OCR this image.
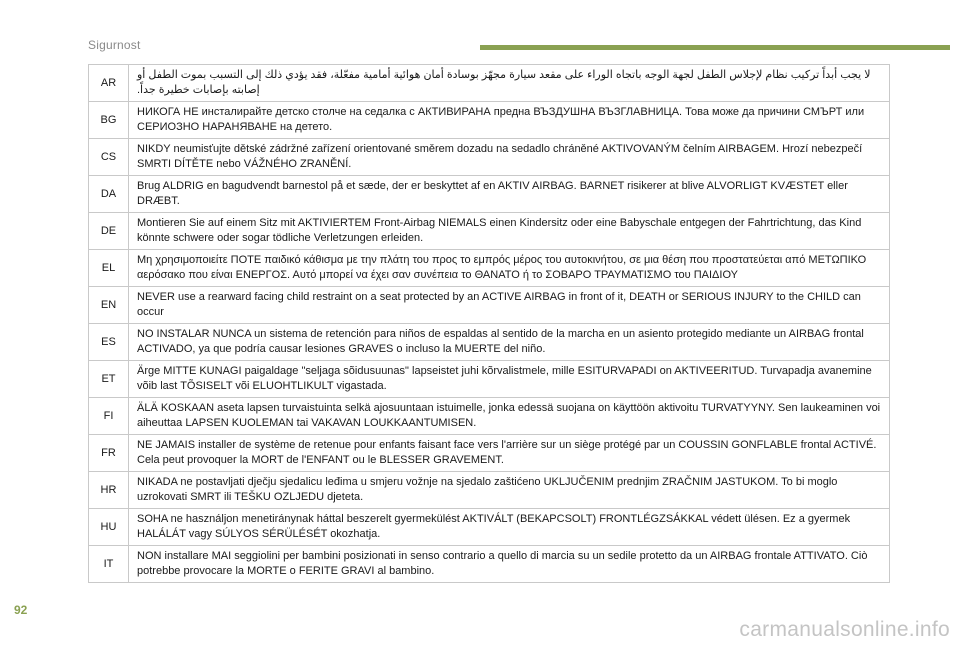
Sigurnost
AR	لا يجب أبداً تركيب نظام لإجلاس الطفل لجهة الوجه باتجاه الوراء على مقعد سيارة مجهّز بوسادة أمان هوائية أمامية مفعّلة، فقد يؤدي ذلك إلى التسبب بموت الطفل أو إصابته بإصابات خطيرة جداً.
BG	НИКОГА НЕ инсталирайте детско столче на седалка с АКТИВИРАНА предна ВЪЗДУШНА ВЪЗГЛАВНИЦА. Това може да причини СМЪРТ или СЕРИОЗНО НАРАНЯВАНЕ на детето.
CS	NIKDY neumisťujte dětské zádržné zařízení orientované směrem dozadu na sedadlo chráněné AKTIVOVANÝM čelním AIRBAGEM. Hrozí nebezpečí SMRTI DÍTĚTE nebo VÁŽNÉHO ZRANĚNÍ.
DA	Brug ALDRIG en bagudvendt barnestol på et sæde, der er beskyttet af en AKTIV AIRBAG. BARNET risikerer at blive ALVORLIGT KVÆSTET eller DRÆBT.
DE	Montieren Sie auf einem Sitz mit AKTIVIERTEM Front-Airbag NIEMALS einen Kindersitz oder eine Babyschale entgegen der Fahrtrichtung, das Kind könnte schwere oder sogar tödliche Verletzungen erleiden.
EL	Μη χρησιμοποιείτε ΠΟΤΕ παιδικό κάθισμα με την πλάτη του προς το εμπρός μέρος του αυτοκινήτου, σε μια θέση που προστατεύεται από ΜΕΤΩΠΙΚΟ αερόσακο που είναι ΕΝΕΡΓΟΣ. Αυτό μπορεί να έχει σαν συνέπεια το ΘΑΝΑΤΟ ή το ΣΟΒΑΡΟ ΤΡΑΥΜΑΤΙΣΜΟ του ΠΑΙΔΙΟΥ
EN	NEVER use a rearward facing child restraint on a seat protected by an ACTIVE AIRBAG in front of it, DEATH or SERIOUS INJURY to the CHILD can occur
ES	NO INSTALAR NUNCA un sistema de retención para niños de espaldas al sentido de la marcha en un asiento protegido mediante un AIRBAG frontal ACTIVADO, ya que podría causar lesiones GRAVES o incluso la MUERTE del niño.
ET	Ärge MITTE KUNAGI paigaldage "seljaga sõidusuunas" lapseistet juhi kõrvalistmele, mille ESITURVAPADI on AKTIVEERITUD. Turvapadja avanemine võib last TÕSISELT või ELUOHTLIKULT vigastada.
FI	ÄLÄ KOSKAAN aseta lapsen turvaistuinta selkä ajosuuntaan istuimelle, jonka edessä suojana on käyttöön aktivoitu TURVATYYNY. Sen laukeaminen voi aiheuttaa LAPSEN KUOLEMAN tai VAKAVAN LOUKKAANTUMISEN.
FR	NE JAMAIS installer de système de retenue pour enfants faisant face vers l'arrière sur un siège protégé par un COUSSIN GONFLABLE frontal ACTIVÉ. Cela peut provoquer la MORT de l'ENFANT ou le BLESSER GRAVEMENT.
HR	NIKADA ne postavljati dječju sjedalicu leđima u smjeru vožnje na sjedalo zaštićeno UKLJUČENIM prednjim ZRAČNIM JASTUKOM. To bi moglo uzrokovati SMRT ili TEŠKU OZLJEDU djeteta.
HU	SOHA ne használjon menetiránynak háttal beszerelt gyermekülést AKTIVÁLT (BEKAPCSOLT) FRONTLÉGZSÁKKAL védett ülésen. Ez a gyermek HALÁLÁT vagy SÚLYOS SÉRÜLÉSÉT okozhatja.
IT	NON installare MAI seggiolini per bambini posizionati in senso contrario a quello di marcia su un sedile protetto da un AIRBAG frontale ATTIVATO. Ciò potrebbe provocare la MORTE o FERITE GRAVI al bambino.
92
carmanualsonline.info
